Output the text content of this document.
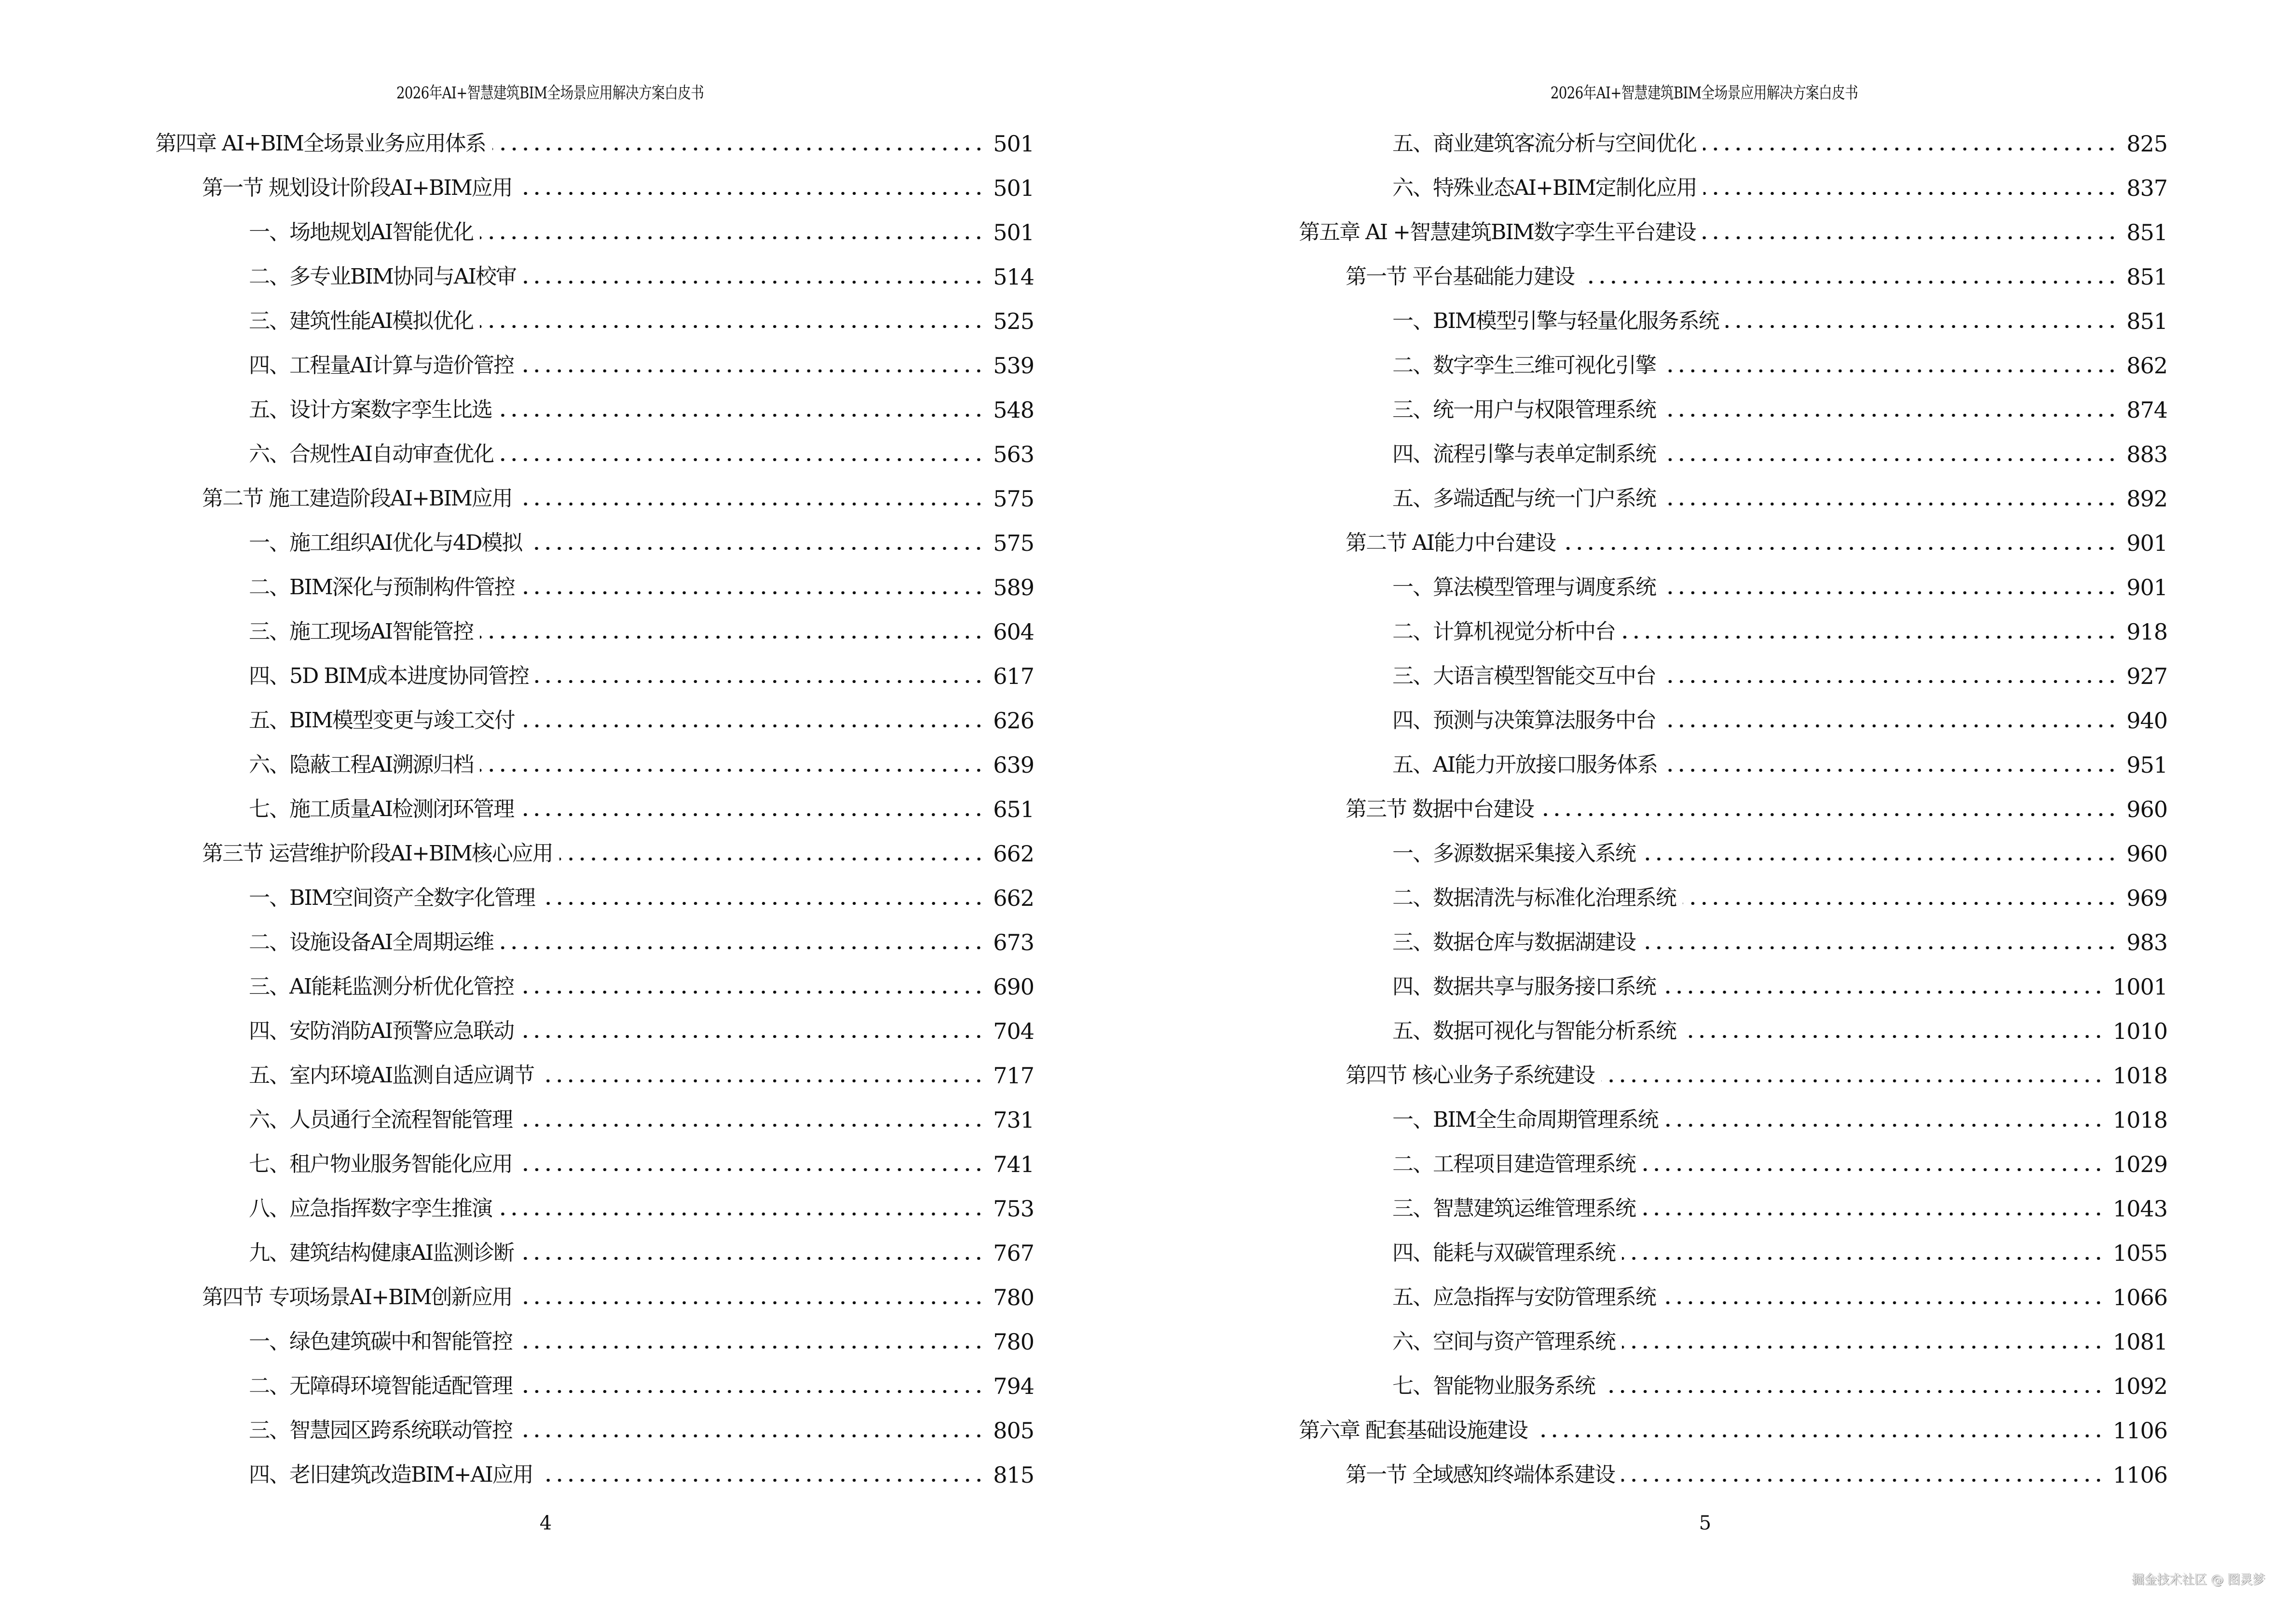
2026年AI+智慧建筑BIM全场景应用解决方案白皮书
第四章 AI+BIM全场景业务应用体系	501
第一节 规划设计阶段AI+BIM应用	501
一、场地规划AI智能优化	501
二、多专业BIM协同与AI校审	514
三、建筑性能AI模拟优化	525
四、工程量AI计算与造价管控	539
五、设计方案数字孪生比选	548
六、合规性AI自动审查优化	563
第二节 施工建造阶段AI+BIM应用	575
一、施工组织AI优化与4D模拟	575
二、BIM深化与预制构件管控	589
三、施工现场AI智能管控	604
四、5D BIM成本进度协同管控	617
五、BIM模型变更与竣工交付	626
六、隐蔽工程AI溯源归档	639
七、施工质量AI检测闭环管理	651
第三节 运营维护阶段AI+BIM核心应用	662
一、BIM空间资产全数字化管理	662
二、设施设备AI全周期运维	673
三、AI能耗监测分析优化管控	690
四、安防消防AI预警应急联动	704
五、室内环境AI监测自适应调节	717
六、人员通行全流程智能管理	731
七、租户物业服务智能化应用	741
八、应急指挥数字孪生推演	753
九、建筑结构健康AI监测诊断	767
第四节 专项场景AI+BIM创新应用	780
一、绿色建筑碳中和智能管控	780
二、无障碍环境智能适配管理	794
三、智慧园区跨系统联动管控	805
四、老旧建筑改造BIM+AI应用	815
4
2026年AI+智慧建筑BIM全场景应用解决方案白皮书
五、商业建筑客流分析与空间优化	825
六、特殊业态AI+BIM定制化应用	837
第五章 AI +智慧建筑BIM数字孪生平台建设	851
第一节 平台基础能力建设	851
一、BIM模型引擎与轻量化服务系统	851
二、数字孪生三维可视化引擎	862
三、统一用户与权限管理系统	874
四、流程引擎与表单定制系统	883
五、多端适配与统一门户系统	892
第二节 AI能力中台建设	901
一、算法模型管理与调度系统	901
二、计算机视觉分析中台	918
三、大语言模型智能交互中台	927
四、预测与决策算法服务中台	940
五、AI能力开放接口服务体系	951
第三节 数据中台建设	960
一、多源数据采集接入系统	960
二、数据清洗与标准化治理系统	969
三、数据仓库与数据湖建设	983
四、数据共享与服务接口系统	1001
五、数据可视化与智能分析系统	1010
第四节 核心业务子系统建设	1018
一、BIM全生命周期管理系统	1018
二、工程项目建造管理系统	1029
三、智慧建筑运维管理系统	1043
四、能耗与双碳管理系统	1055
五、应急指挥与安防管理系统	1066
六、空间与资产管理系统	1081
七、智能物业服务系统	1092
第六章 配套基础设施建设	1106
第一节 全域感知终端体系建设	1106
5
掘金技术社区 @ 图灵梦
